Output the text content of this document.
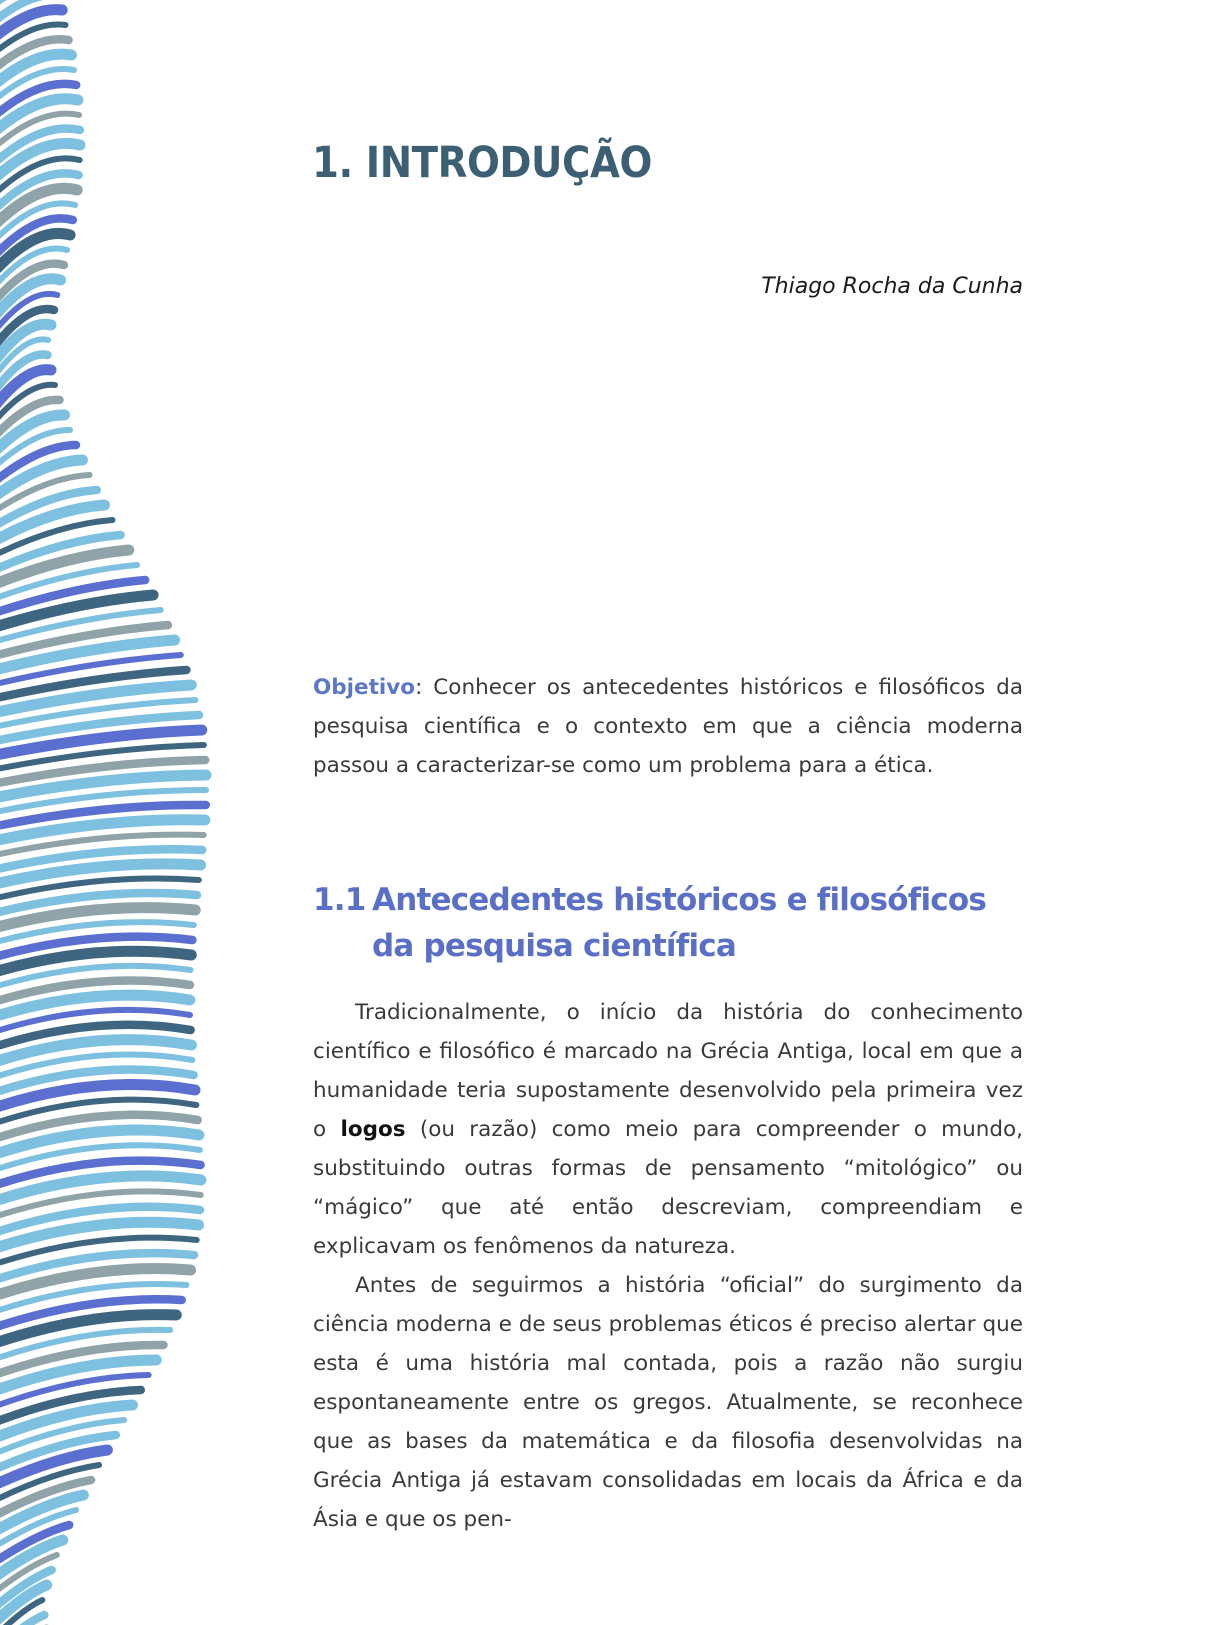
1. INTRODUÇÃO

Thiago Rocha da Cunha

Objetivo: Conhecer os antecedentes históricos e filosóficos da pesquisa científica e o contexto em que a ciência moderna passou a caracterizar-se como um problema para a ética.

1.1 Antecedentes históricos e filosóficos da pesquisa científica

Tradicionalmente, o início da história do conhecimento científico e filosófico é marcado na Grécia Antiga, local em que a humanidade teria supostamente desenvolvido pela primeira vez o logos (ou razão) como meio para compreender o mundo, substituindo outras formas de pensamento “mitológico” ou “mágico” que até então descreviam, compreendiam e explicavam os fenômenos da natureza.

Antes de seguirmos a história “oficial” do surgimento da ciência moderna e de seus problemas éticos é preciso alertar que esta é uma história mal contada, pois a razão não surgiu espontaneamente entre os gregos. Atualmente, se reconhece que as bases da matemática e da filosofia desenvolvidas na Grécia Antiga já estavam consolidadas em locais da África e da Ásia e que os pen-
